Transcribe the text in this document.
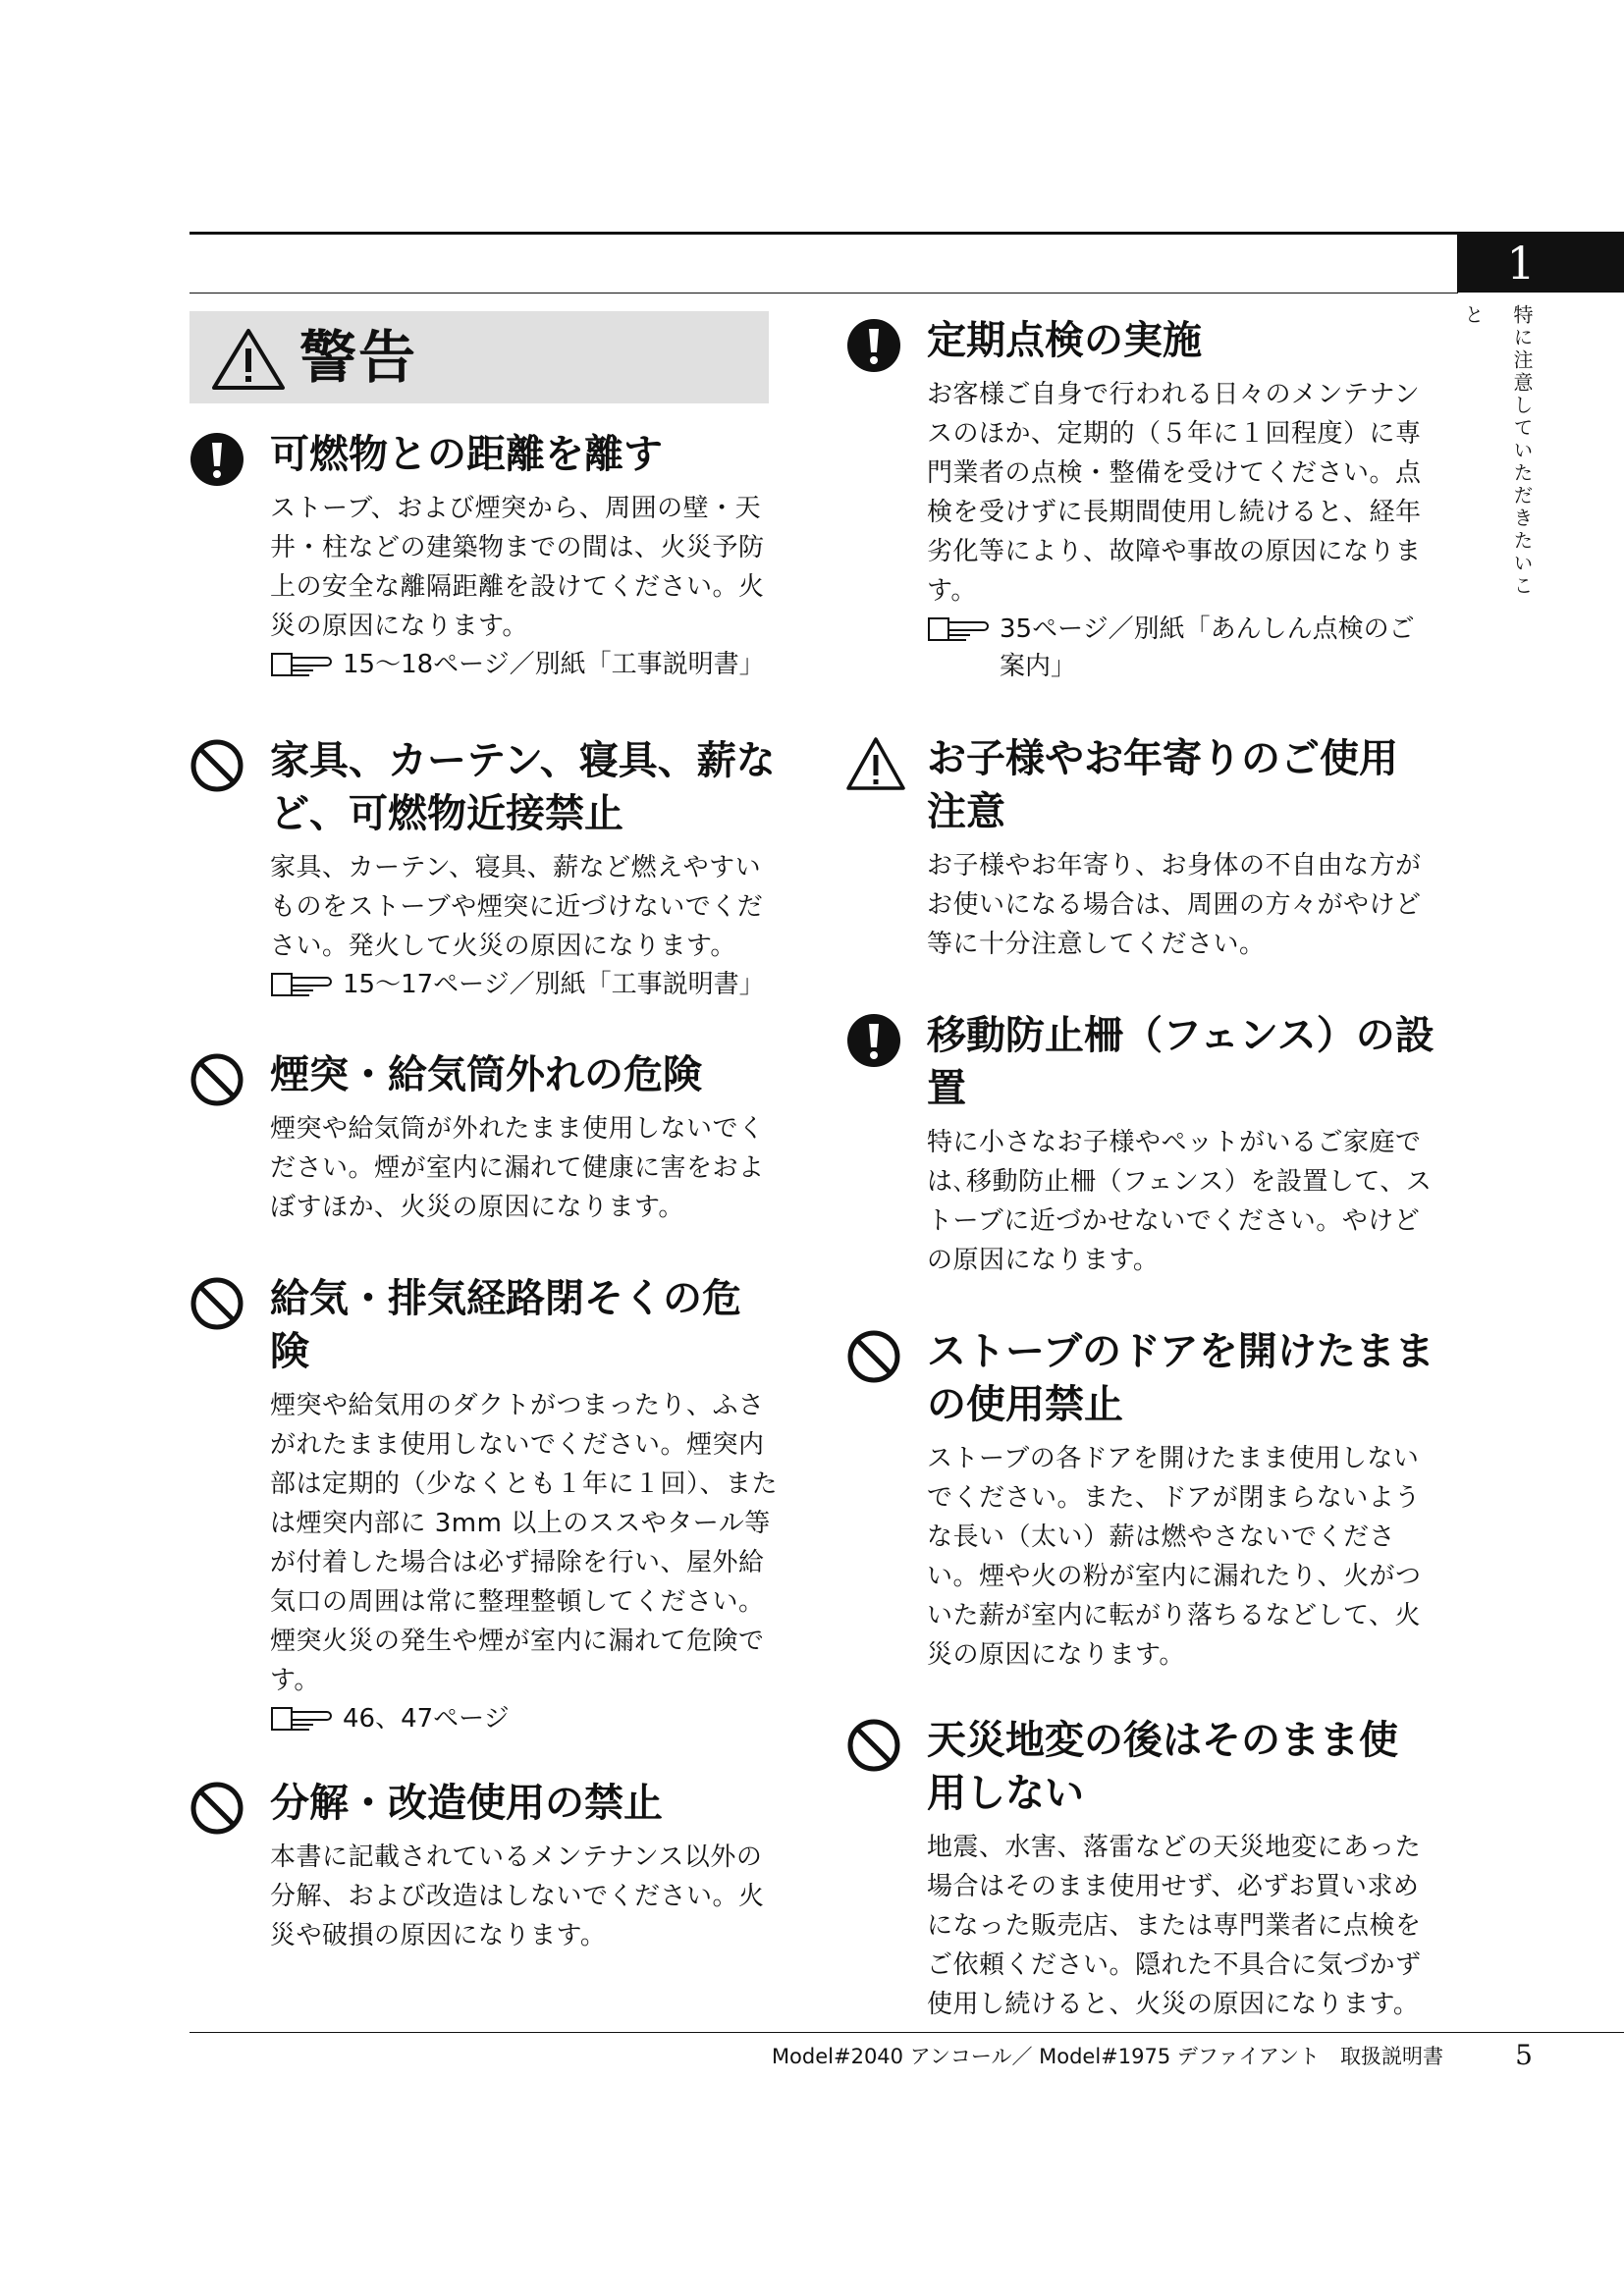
1
特に注意していただきたいこと
警告
可燃物との距離を離す
ストーブ、および煙突から、周囲の壁・天井・柱などの建築物までの間は、火災予防上の安全な離隔距離を設けてください。火災の原因になります。
15～18ページ／別紙「工事説明書」
家具、カーテン、寝具、薪など、可燃物近接禁止
家具、カーテン、寝具、薪など燃えやすいものをストーブや煙突に近づけないでください。発火して火災の原因になります。
15～17ページ／別紙「工事説明書」
煙突・給気筒外れの危険
煙突や給気筒が外れたまま使用しないでください。煙が室内に漏れて健康に害をおよぼすほか、火災の原因になります。
給気・排気経路閉そくの危険
煙突や給気用のダクトがつまったり、ふさがれたまま使用しないでください。煙突内部は定期的（少なくとも１年に１回）、または煙突内部に 3mm 以上のススやタール等が付着した場合は必ず掃除を行い、屋外給気口の周囲は常に整理整頓してください。煙突火災の発生や煙が室内に漏れて危険です。
46、47ページ
分解・改造使用の禁止
本書に記載されているメンテナンス以外の分解、および改造はしないでください。火災や破損の原因になります。
定期点検の実施
お客様ご自身で行われる日々のメンテナンスのほか、定期的（５年に１回程度）に専門業者の点検・整備を受けてください。点検を受けずに長期間使用し続けると、経年劣化等により、故障や事故の原因になります。
35ページ／別紙「あんしん点検のご案内」
お子様やお年寄りのご使用注意
お子様やお年寄り、お身体の不自由な方がお使いになる場合は、周囲の方々がやけど等に十分注意してください。
移動防止柵（フェンス）の設置
特に小さなお子様やペットがいるご家庭では､移動防止柵（フェンス）を設置して、ストーブに近づかせないでください。やけどの原因になります。
ストーブのドアを開けたままの使用禁止
ストーブの各ドアを開けたまま使用しないでください。また、ドアが閉まらないような長い（太い）薪は燃やさないでください。煙や火の粉が室内に漏れたり、火がついた薪が室内に転がり落ちるなどして、火災の原因になります。
天災地変の後はそのまま使用しない
地震、水害、落雷などの天災地変にあった場合はそのまま使用せず、必ずお買い求めになった販売店、または専門業者に点検をご依頼ください。隠れた不具合に気づかず使用し続けると、火災の原因になります。
Model#2040 アンコール／ Model#1975 デファイアント　取扱説明書	5
